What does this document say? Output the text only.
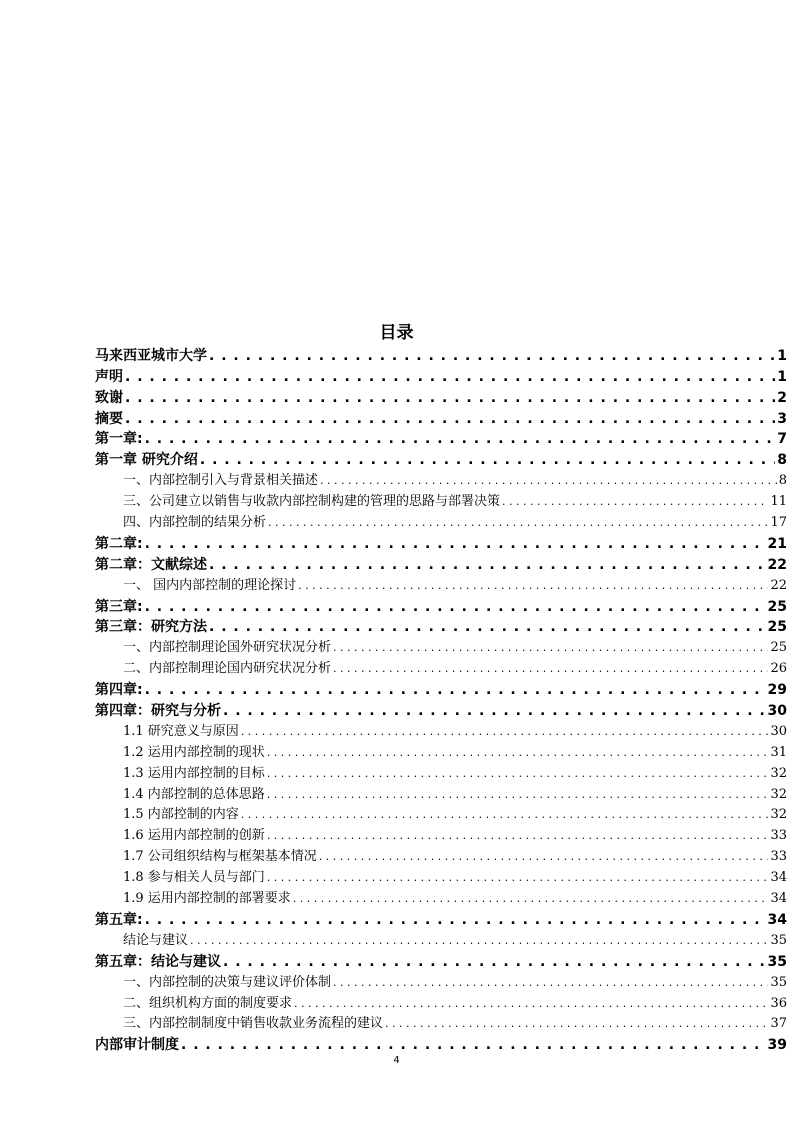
目录
马来西亚城市大学 . . .	1
声明 . . .	1
致谢 . . .	2
摘要 . . .	3
第一章: . . .	7
第一章 研究介绍 . . .	8
一、内部控制引入与背景相关描述 . . .	8
三、公司建立以销售与收款内部控制构建的管理的思路与部署决策 . . .	11
四、内部控制的结果分析 . . .	17
第二章: . . .	21
第二章：文献综述 . . .	22
一、 国内内部控制的理论探讨 . . .	22
第三章: . . .	25
第三章：研究方法 . . .	25
一、内部控制理论国外研究状况分析 . . .	25
二、内部控制理论国内研究状况分析 . . .	26
第四章: . . .	29
第四章：研究与分析 . . .	30
1.1 研究意义与原因 . . .	30
1.2 运用内部控制的现状 . . .	31
1.3 运用内部控制的目标 . . .	32
1.4 内部控制的总体思路 . . .	32
1.5 内部控制的内容 . . .	32
1.6 运用内部控制的创新 . . .	33
1.7 公司组织结构与框架基本情况 . . .	33
1.8 参与相关人员与部门 . . .	34
1.9 运用内部控制的部署要求 . . .	34
第五章: . . .	34
结论与建议 . . .	35
第五章：结论与建议 . . .	35
一、内部控制的决策与建议评价体制 . . .	35
二、组织机构方面的制度要求 . . .	36
三、内部控制制度中销售收款业务流程的建议 . . .	37
内部审计制度 . . .	39
4
